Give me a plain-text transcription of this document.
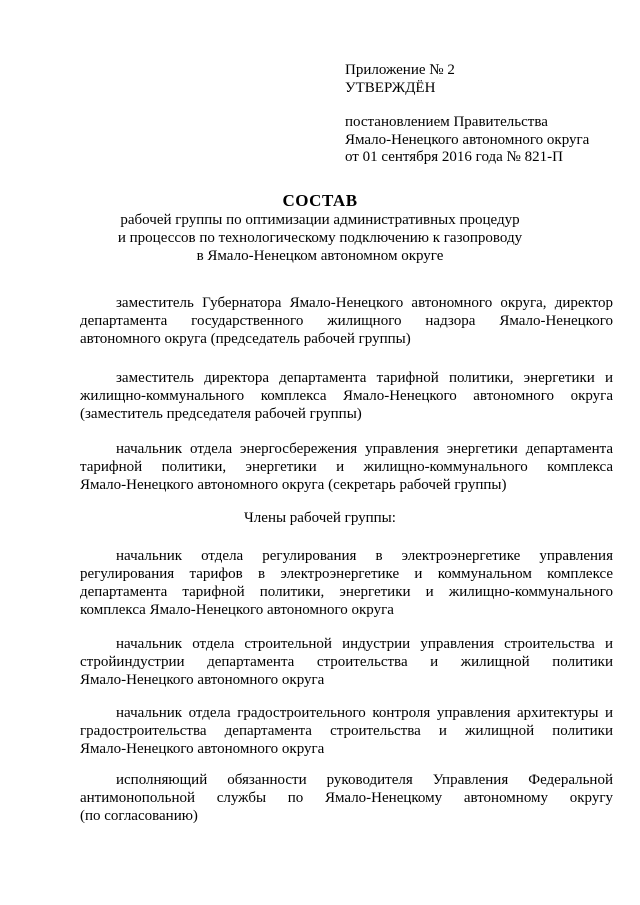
Приложение № 2
УТВЕРЖДЁН
постановлением Правительства
Ямало-Ненецкого автономного округа
от 01 сентября 2016 года № 821-П
СОСТАВ
рабочей группы по оптимизации административных процедур
и процессов по технологическому подключению к газопроводу
в Ямало-Ненецком автономном округе
заместитель Губернатора Ямало-Ненецкого автономного округа, директор
департамента государственного жилищного надзора Ямало-Ненецкого
автономного округа (председатель рабочей группы)
заместитель директора департамента тарифной политики, энергетики и
жилищно-коммунального комплекса Ямало-Ненецкого автономного округа
(заместитель председателя рабочей группы)
начальник отдела энергосбережения управления энергетики департамента
тарифной политики, энергетики и жилищно-коммунального комплекса
Ямало-Ненецкого автономного округа (секретарь рабочей группы)
Члены рабочей группы:
начальник отдела регулирования в электроэнергетике управления
регулирования тарифов в электроэнергетике и коммунальном комплексе
департамента тарифной политики, энергетики и жилищно-коммунального
комплекса Ямало-Ненецкого автономного округа
начальник отдела строительной индустрии управления строительства и
стройиндустрии департамента строительства и жилищной политики
Ямало-Ненецкого автономного округа
начальник отдела градостроительного контроля управления архитектуры и
градостроительства департамента строительства и жилищной политики
Ямало-Ненецкого автономного округа
исполняющий обязанности руководителя Управления Федеральной
антимонопольной службы по Ямало-Ненецкому автономному округу
(по согласованию)
